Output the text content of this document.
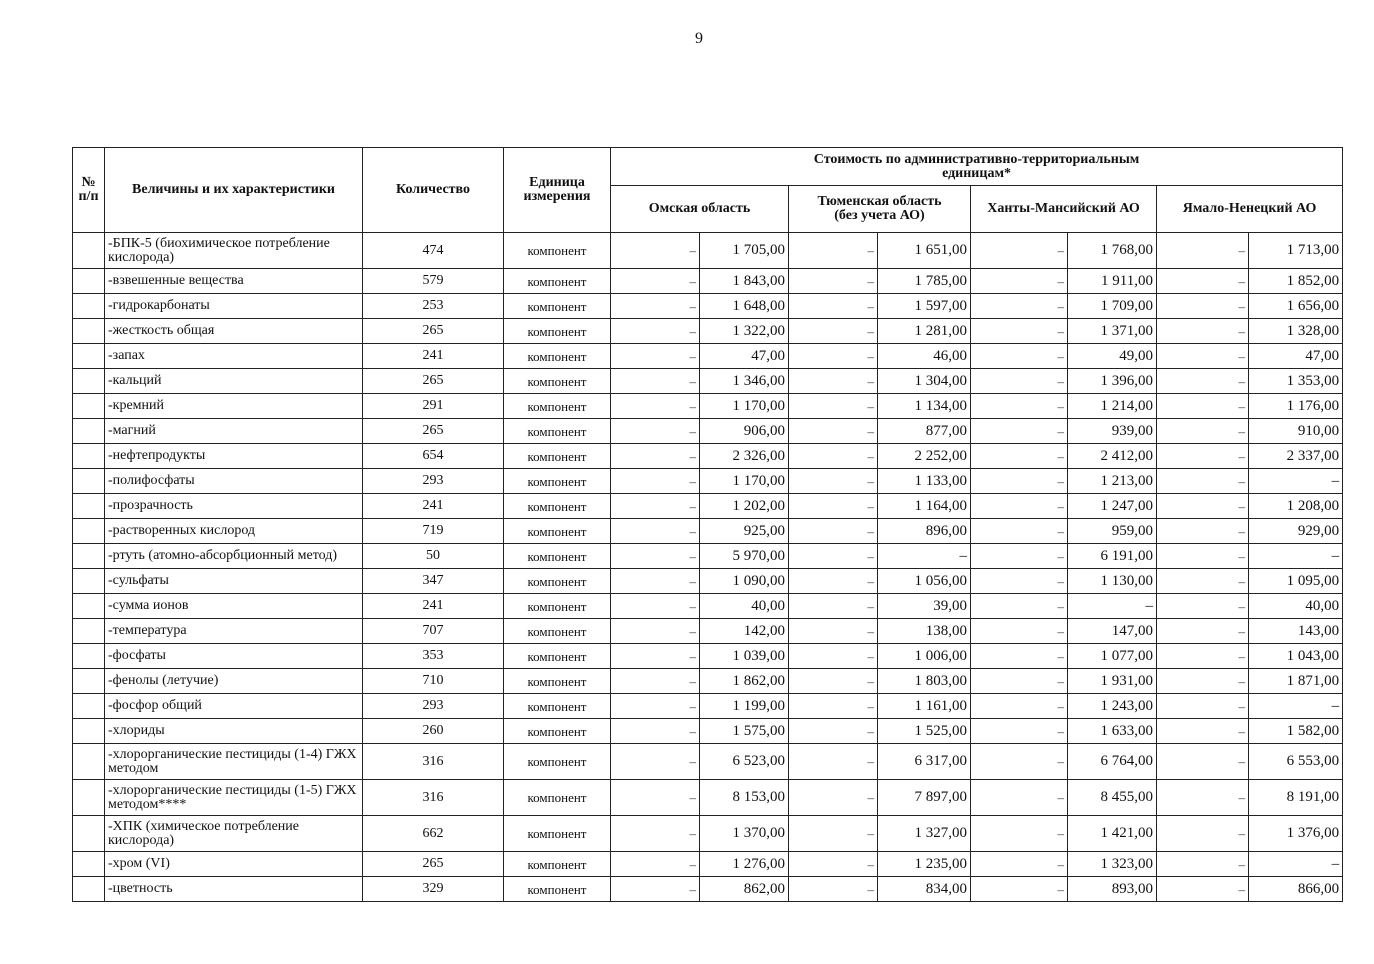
9
№ п/п	Величины и их характеристики	Количество	Единица измерения	Стоимость по административно-территориальным единицам*							
				Омская область		Тюменская область (без учета АО)		Ханты-Мансийский АО		Ямало-Ненецкий АО	
	-БПК-5 (биохимическое потребление кислорода)	474	компонент	–	1 705,00	–	1 651,00	–	1 768,00	–	1 713,00
	-взвешенные вещества	579	компонент	–	1 843,00	–	1 785,00	–	1 911,00	–	1 852,00
	-гидрокарбонаты	253	компонент	–	1 648,00	–	1 597,00	–	1 709,00	–	1 656,00
	-жесткость общая	265	компонент	–	1 322,00	–	1 281,00	–	1 371,00	–	1 328,00
	-запах	241	компонент	–	47,00	–	46,00	–	49,00	–	47,00
	-кальций	265	компонент	–	1 346,00	–	1 304,00	–	1 396,00	–	1 353,00
	-кремний	291	компонент	–	1 170,00	–	1 134,00	–	1 214,00	–	1 176,00
	-магний	265	компонент	–	906,00	–	877,00	–	939,00	–	910,00
	-нефтепродукты	654	компонент	–	2 326,00	–	2 252,00	–	2 412,00	–	2 337,00
	-полифосфаты	293	компонент	–	1 170,00	–	1 133,00	–	1 213,00	–	–
	-прозрачность	241	компонент	–	1 202,00	–	1 164,00	–	1 247,00	–	1 208,00
	-растворенных кислород	719	компонент	–	925,00	–	896,00	–	959,00	–	929,00
	-ртуть (атомно-абсорбционный метод)	50	компонент	–	5 970,00	–	–	–	6 191,00	–	–
	-сульфаты	347	компонент	–	1 090,00	–	1 056,00	–	1 130,00	–	1 095,00
	-сумма ионов	241	компонент	–	40,00	–	39,00	–	–	–	40,00
	-температура	707	компонент	–	142,00	–	138,00	–	147,00	–	143,00
	-фосфаты	353	компонент	–	1 039,00	–	1 006,00	–	1 077,00	–	1 043,00
	-фенолы (летучие)	710	компонент	–	1 862,00	–	1 803,00	–	1 931,00	–	1 871,00
	-фосфор общий	293	компонент	–	1 199,00	–	1 161,00	–	1 243,00	–	–
	-хлориды	260	компонент	–	1 575,00	–	1 525,00	–	1 633,00	–	1 582,00
	-хлорорганические пестициды (1-4) ГЖХ методом	316	компонент	–	6 523,00	–	6 317,00	–	6 764,00	–	6 553,00
	-хлорорганические пестициды (1-5) ГЖХ методом****	316	компонент	–	8 153,00	–	7 897,00	–	8 455,00	–	8 191,00
	-ХПК (химическое потребление кислорода)	662	компонент	–	1 370,00	–	1 327,00	–	1 421,00	–	1 376,00
	-хром (VI)	265	компонент	–	1 276,00	–	1 235,00	–	1 323,00	–	–
	-цветность	329	компонент	–	862,00	–	834,00	–	893,00	–	866,00
